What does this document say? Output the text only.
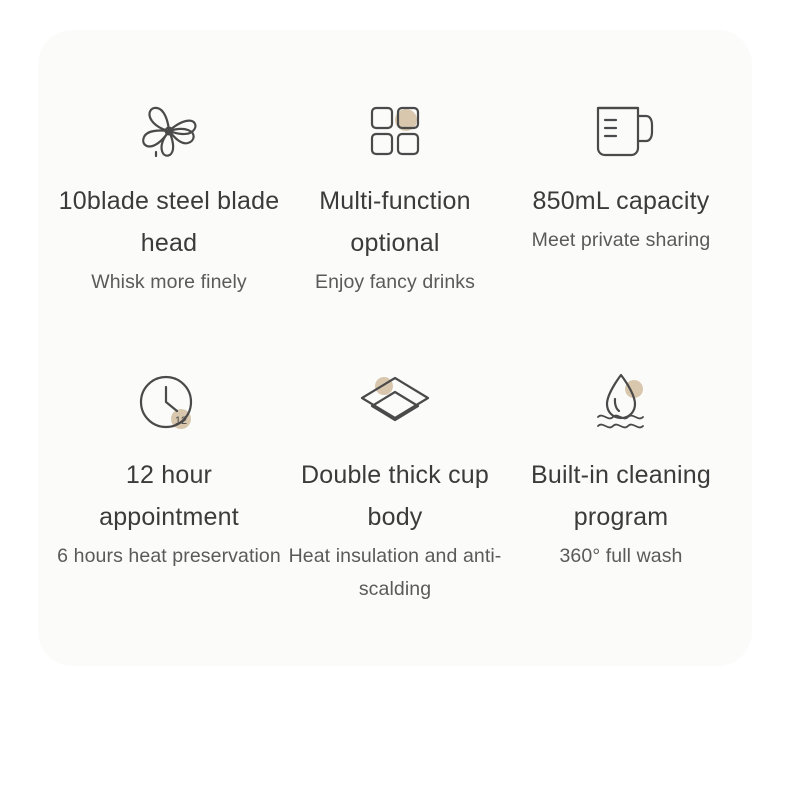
10blade steel blade head
Whisk more finely
Multi-function optional
Enjoy fancy drinks
850mL capacity
Meet private sharing
12
12 hour appointment
6 hours heat preservation
Double thick cup body
Heat insulation and anti-scalding
Built-in cleaning program
360° full wash
